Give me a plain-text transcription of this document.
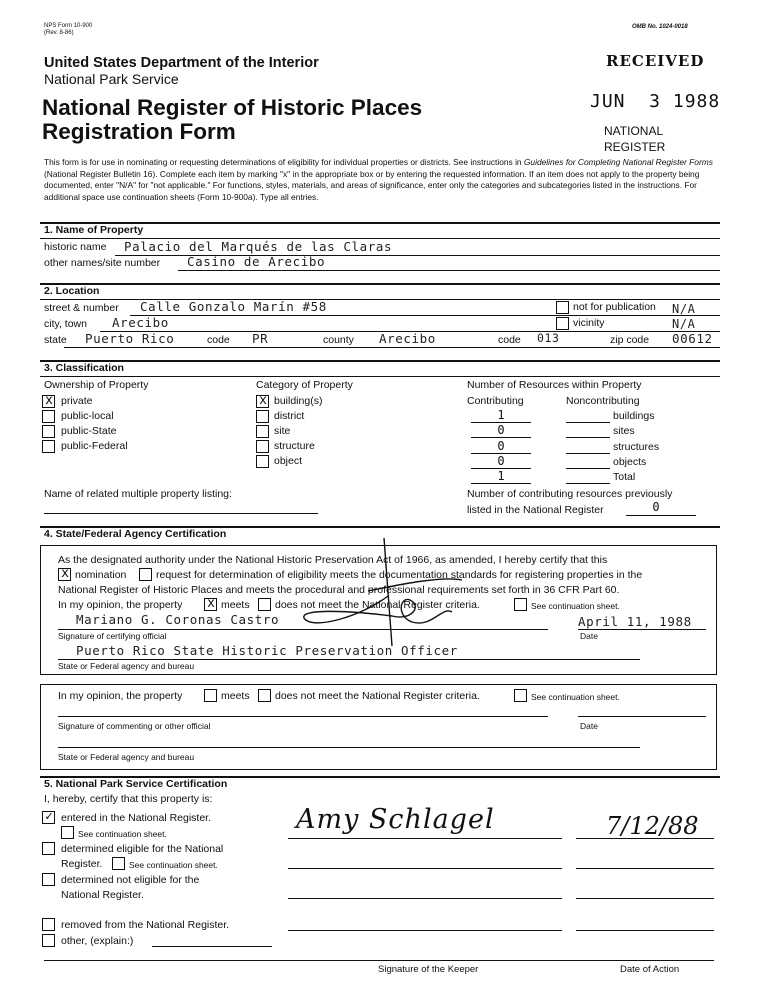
NPS Form 10-900
(Rev. 8-86)
OMB No. 1024-0018
United States Department of the Interior
National Park Service
National Register of Historic Places
Registration Form
RECEIVED
JUN  3 1988
NATIONAL
REGISTER
This form is for use in nominating or requesting determinations of eligibility for individual properties or districts. See instructions in Guidelines for Completing National Register Forms (National Register Bulletin 16). Complete each item by marking "x" in the appropriate box or by entering the requested information. If an item does not apply to the property being documented, enter "N/A" for "not applicable." For functions, styles, materials, and areas of significance, enter only the categories and subcategories listed in the instructions. For additional space use continuation sheets (Form 10-900a). Type all entries.
1. Name of Property
historic name Palacio del Marqués de las Claras
other names/site number Casino de Arecibo
2. Location
street & number Calle Gonzalo Marín #58	not for publication N/A
city, town Arecibo	vicinity	N/A
state Puerto Rico	code PR	county Arecibo	code 013	zip code 00612
3. Classification
Ownership of Property
x private
public-local
public-State
public-Federal
Category of Property
x building(s)
district
site
structure
object
Number of Resources within Property
Contributing	Noncontributing
1	buildings
0	sites
0	structures
0	objects
1	Total
Name of related multiple property listing:	Number of contributing resources previously
listed in the National Register	0
4. State/Federal Agency Certification
As the designated authority under the National Historic Preservation Act of 1966, as amended, I hereby certify that this
x nomination	request for determination of eligibility meets the documentation standards for registering properties in the
National Register of Historic Places and meets the procedural and professional requirements set forth in 36 CFR Part 60.
In my opinion, the property x meets does not meet the National Register criteria.	See continuation sheet.
Mariano G. Coronas Castro	April 11, 1988
Signature of certifying official	Date
Puerto Rico State Historic Preservation Officer
State or Federal agency and bureau
In my opinion, the property	meets does not meet the National Register criteria.	See continuation sheet.
Signature of commenting or other official	Date
State or Federal agency and bureau
5. National Park Service Certification
I, hereby, certify that this property is:
✓ entered in the National Register.
See continuation sheet.
determined eligible for the National
Register.	See continuation sheet.
determined not eligible for the
National Register.
removed from the National Register.
other, (explain:)
Amy Schlagel	7/12/88
Signature of the Keeper	Date of Action
